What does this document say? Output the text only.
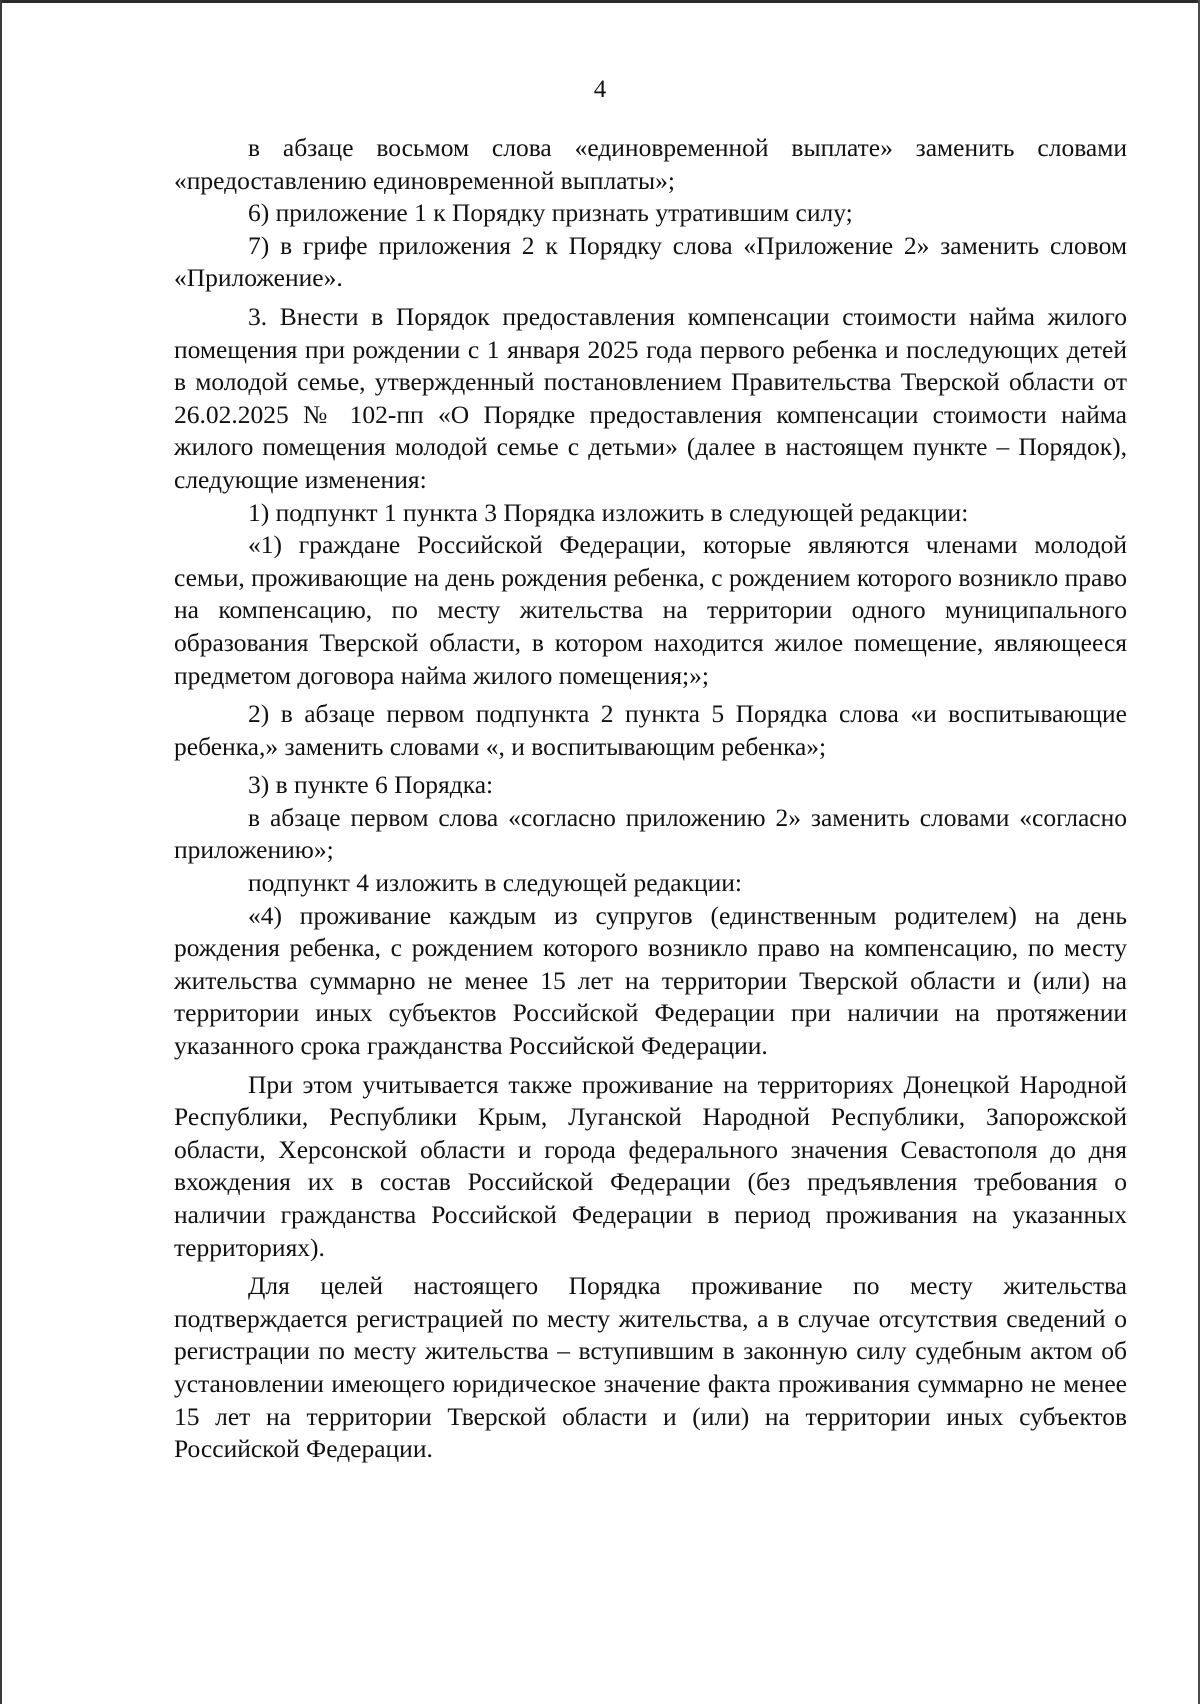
4

в абзаце восьмом слова «единовременной выплате» заменить словами «предоставлению единовременной выплаты»;

6) приложение 1 к Порядку признать утратившим силу;

7) в грифе приложения 2 к Порядку слова «Приложение 2» заменить словом «Приложение».

3. Внести в Порядок предоставления компенсации стоимости найма жилого помещения при рождении с 1 января 2025 года первого ребенка и последующих детей в молодой семье, утвержденный постановлением Правительства Тверской области от 26.02.2025 № 102-пп «О Порядке предоставления компенсации стоимости найма жилого помещения молодой семье с детьми» (далее в настоящем пункте – Порядок), следующие изменения:

1) подпункт 1 пункта 3 Порядка изложить в следующей редакции:

«1) граждане Российской Федерации, которые являются членами молодой семьи, проживающие на день рождения ребенка, с рождением которого возникло право на компенсацию, по месту жительства на территории одного муниципального образования Тверской области, в котором находится жилое помещение, являющееся предметом договора найма жилого помещения;»;

2) в абзаце первом подпункта 2 пункта 5 Порядка слова «и воспитывающие ребенка,» заменить словами «, и воспитывающим ребенка»;

3) в пункте 6 Порядка:

в абзаце первом слова «согласно приложению 2» заменить словами «согласно приложению»;

подпункт 4 изложить в следующей редакции:

«4) проживание каждым из супругов (единственным родителем) на день рождения ребенка, с рождением которого возникло право на компенсацию, по месту жительства суммарно не менее 15 лет на территории Тверской области и (или) на территории иных субъектов Российской Федерации при наличии на протяжении указанного срока гражданства Российской Федерации.

При этом учитывается также проживание на территориях Донецкой Народной Республики, Республики Крым, Луганской Народной Республики, Запорожской области, Херсонской области и города федерального значения Севастополя до дня вхождения их в состав Российской Федерации (без предъявления требования о наличии гражданства Российской Федерации в период проживания на указанных территориях).

Для целей настоящего Порядка проживание по месту жительства подтверждается регистрацией по месту жительства, а в случае отсутствия сведений о регистрации по месту жительства – вступившим в законную силу судебным актом об установлении имеющего юридическое значение факта проживания суммарно не менее 15 лет на территории Тверской области и (или) на территории иных субъектов Российской Федерации.
